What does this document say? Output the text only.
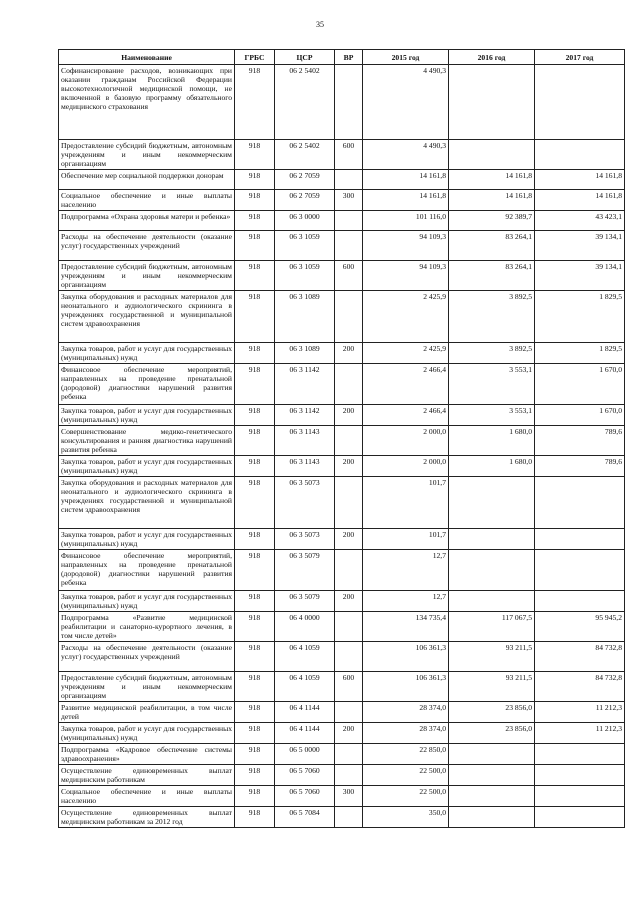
35
Наименование	ГРБС	ЦСР	ВР	2015 год	2016 год	2017 год
Софинансирование расходов, возникающих при оказании гражданам Российской Федерации высокотехнологичной медицинской помощи, не включенной в базовую программу обязательного медицинского страхования	918	06 2 5402		4 490,3		
Предоставление субсидий бюджетным, автономным учреждениям и иным некоммерческим организациям	918	06 2 5402	600	4 490,3		
Обеспечение мер социальной поддержки донорам	918	06 2 7059		14 161,8	14 161,8	14 161,8
Социальное обеспечение и иные выплаты населению	918	06 2 7059	300	14 161,8	14 161,8	14 161,8
Подпрограмма «Охрана здоровья матери и ребенка»	918	06 3 0000		101 116,0	92 389,7	43 423,1
Расходы на обеспечение деятельности (оказание услуг) государственных учреждений	918	06 3 1059		94 109,3	83 264,1	39 134,1
Предоставление субсидий бюджетным, автономным учреждениям и иным некоммерческим организациям	918	06 3 1059	600	94 109,3	83 264,1	39 134,1
Закупка оборудования и расходных материалов для неонатального и аудиологического скрининга в учреждениях государственной и муниципальной систем здравоохранения	918	06 3 1089		2 425,9	3 892,5	1 829,5
Закупка товаров, работ и услуг для государственных (муниципальных) нужд	918	06 3 1089	200	2 425,9	3 892,5	1 829,5
Финансовое обеспечение мероприятий, направленных на проведение пренатальной (дородовой) диагностики нарушений развития ребенка	918	06 3 1142		2 466,4	3 553,1	1 670,0
Закупка товаров, работ и услуг для государственных (муниципальных) нужд	918	06 3 1142	200	2 466,4	3 553,1	1 670,0
Совершенствование медико-генетического консультирования и ранняя диагностика нарушений развития ребенка	918	06 3 1143		2 000,0	1 680,0	789,6
Закупка товаров, работ и услуг для государственных (муниципальных) нужд	918	06 3 1143	200	2 000,0	1 680,0	789,6
Закупка оборудования и расходных материалов для неонатального и аудиологического скрининга в учреждениях государственной и муниципальной систем здравоохранения	918	06 3 5073		101,7		
Закупка товаров, работ и услуг для государственных (муниципальных) нужд	918	06 3 5073	200	101,7		
Финансовое обеспечение мероприятий, направленных на проведение пренатальной (дородовой) диагностики нарушений развития ребенка	918	06 3 5079		12,7		
Закупка товаров, работ и услуг для государственных (муниципальных) нужд	918	06 3 5079	200	12,7		
Подпрограмма «Развитие медицинской реабилитации и санаторно-курортного лечения, в том числе детей»	918	06 4 0000		134 735,4	117 067,5	95 945,2
Расходы на обеспечение деятельности (оказание услуг) государственных учреждений	918	06 4 1059		106 361,3	93 211,5	84 732,8
Предоставление субсидий бюджетным, автономным учреждениям и иным некоммерческим организациям	918	06 4 1059	600	106 361,3	93 211,5	84 732,8
Развитие медицинской реабилитации, в том числе детей	918	06 4 1144		28 374,0	23 856,0	11 212,3
Закупка товаров, работ и услуг для государственных (муниципальных) нужд	918	06 4 1144	200	28 374,0	23 856,0	11 212,3
Подпрограмма «Кадровое обеспечение системы здравоохранения»	918	06 5 0000		22 850,0		
Осуществление единовременных выплат медицинским работникам	918	06 5 7060		22 500,0		
Социальное обеспечение и иные выплаты населению	918	06 5 7060	300	22 500,0		
Осуществление единовременных выплат медицинским работникам за 2012 год	918	06 5 7084		350,0		
